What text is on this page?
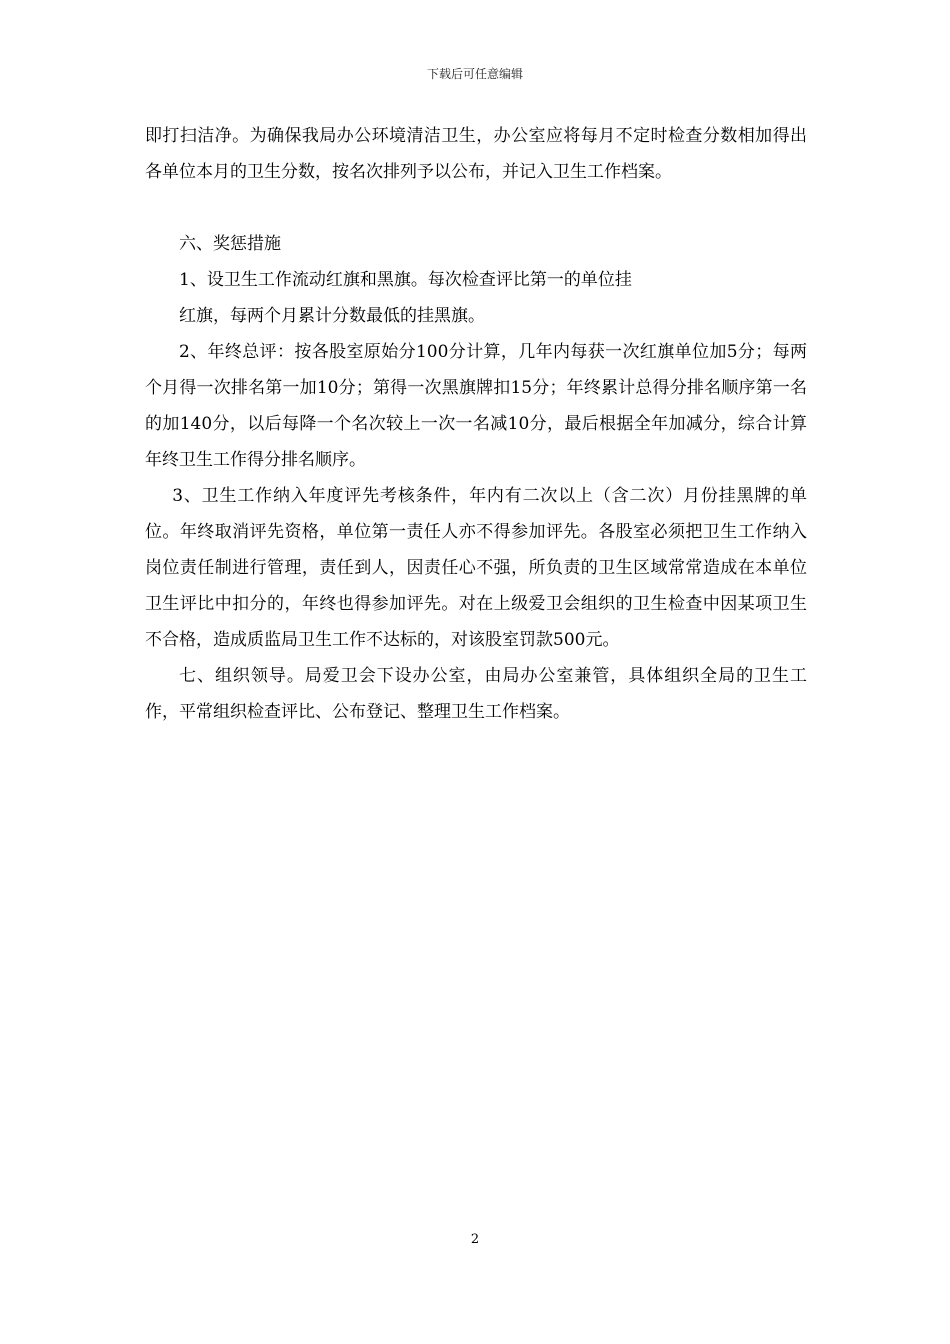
下载后可任意编辑

即打扫洁净。为确保我局办公环境清洁卫生，办公室应将每月不定时检查分数相加得出各单位本月的卫生分数，按名次排列予以公布，并记入卫生工作档案。

六、奖惩措施

1、设卫生工作流动红旗和黑旗。每次检查评比第一的单位挂

红旗，每两个月累计分数最低的挂黑旗。

2、年终总评：按各股室原始分100分计算，几年内每获一次红旗单位加5分；每两个月得一次排名第一加10分；第得一次黑旗牌扣15分；年终累计总得分排名顺序第一名的加140分，以后每降一个名次较上一次一名减10分，最后根据全年加减分，综合计算年终卫生工作得分排名顺序。

3、卫生工作纳入年度评先考核条件，年内有二次以上（含二次）月份挂黑牌的单位。年终取消评先资格，单位第一责任人亦不得参加评先。各股室必须把卫生工作纳入岗位责任制进行管理，责任到人，因责任心不强，所负责的卫生区域常常造成在本单位卫生评比中扣分的，年终也得参加评先。对在上级爱卫会组织的卫生检查中因某项卫生不合格，造成质监局卫生工作不达标的，对该股室罚款500元。

七、组织领导。局爱卫会下设办公室，由局办公室兼管，具体组织全局的卫生工作，平常组织检查评比、公布登记、整理卫生工作档案。

2
